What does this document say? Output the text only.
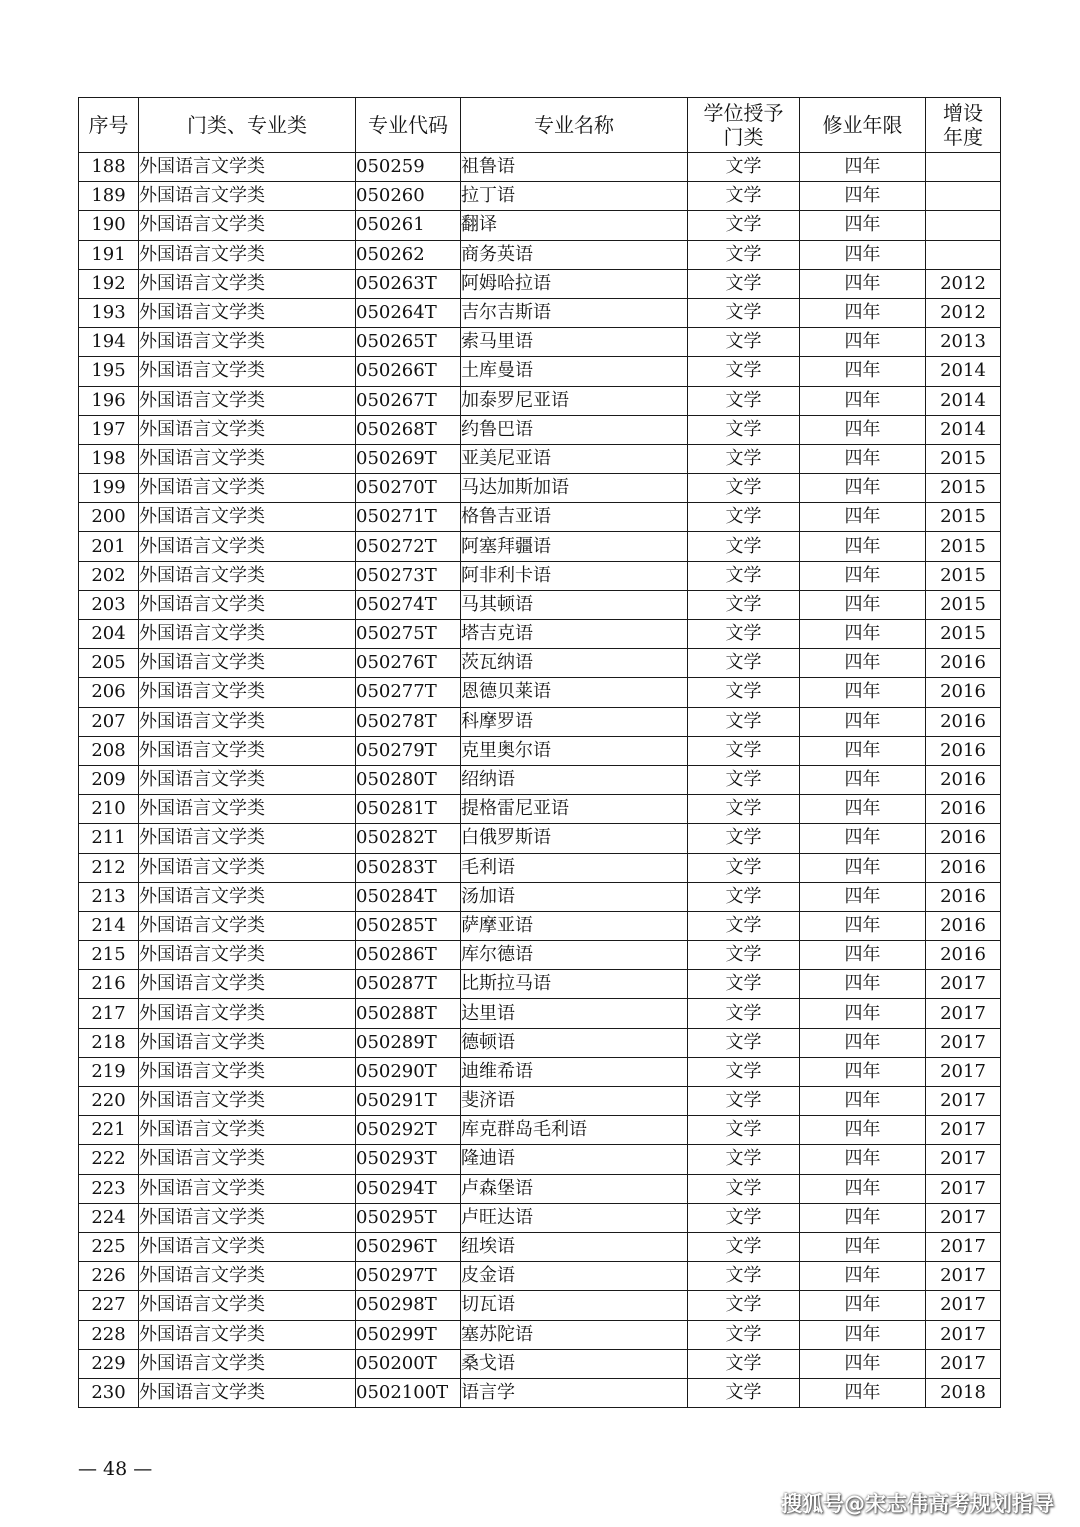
序号	门类、专业类	专业代码	专业名称	学位授予门类	修业年限	增设年度
188	外国语言文学类	050259	祖鲁语	文学	四年	
189	外国语言文学类	050260	拉丁语	文学	四年	
190	外国语言文学类	050261	翻译	文学	四年	
191	外国语言文学类	050262	商务英语	文学	四年	
192	外国语言文学类	050263T	阿姆哈拉语	文学	四年	2012
193	外国语言文学类	050264T	吉尔吉斯语	文学	四年	2012
194	外国语言文学类	050265T	索马里语	文学	四年	2013
195	外国语言文学类	050266T	土库曼语	文学	四年	2014
196	外国语言文学类	050267T	加泰罗尼亚语	文学	四年	2014
197	外国语言文学类	050268T	约鲁巴语	文学	四年	2014
198	外国语言文学类	050269T	亚美尼亚语	文学	四年	2015
199	外国语言文学类	050270T	马达加斯加语	文学	四年	2015
200	外国语言文学类	050271T	格鲁吉亚语	文学	四年	2015
201	外国语言文学类	050272T	阿塞拜疆语	文学	四年	2015
202	外国语言文学类	050273T	阿非利卡语	文学	四年	2015
203	外国语言文学类	050274T	马其顿语	文学	四年	2015
204	外国语言文学类	050275T	塔吉克语	文学	四年	2015
205	外国语言文学类	050276T	茨瓦纳语	文学	四年	2016
206	外国语言文学类	050277T	恩德贝莱语	文学	四年	2016
207	外国语言文学类	050278T	科摩罗语	文学	四年	2016
208	外国语言文学类	050279T	克里奥尔语	文学	四年	2016
209	外国语言文学类	050280T	绍纳语	文学	四年	2016
210	外国语言文学类	050281T	提格雷尼亚语	文学	四年	2016
211	外国语言文学类	050282T	白俄罗斯语	文学	四年	2016
212	外国语言文学类	050283T	毛利语	文学	四年	2016
213	外国语言文学类	050284T	汤加语	文学	四年	2016
214	外国语言文学类	050285T	萨摩亚语	文学	四年	2016
215	外国语言文学类	050286T	库尔德语	文学	四年	2016
216	外国语言文学类	050287T	比斯拉马语	文学	四年	2017
217	外国语言文学类	050288T	达里语	文学	四年	2017
218	外国语言文学类	050289T	德顿语	文学	四年	2017
219	外国语言文学类	050290T	迪维希语	文学	四年	2017
220	外国语言文学类	050291T	斐济语	文学	四年	2017
221	外国语言文学类	050292T	库克群岛毛利语	文学	四年	2017
222	外国语言文学类	050293T	隆迪语	文学	四年	2017
223	外国语言文学类	050294T	卢森堡语	文学	四年	2017
224	外国语言文学类	050295T	卢旺达语	文学	四年	2017
225	外国语言文学类	050296T	纽埃语	文学	四年	2017
226	外国语言文学类	050297T	皮金语	文学	四年	2017
227	外国语言文学类	050298T	切瓦语	文学	四年	2017
228	外国语言文学类	050299T	塞苏陀语	文学	四年	2017
229	外国语言文学类	050200T	桑戈语	文学	四年	2017
230	外国语言文学类	0502100T	语言学	文学	四年	2018
— 48 —
搜狐号@宋志伟高考规划指导
